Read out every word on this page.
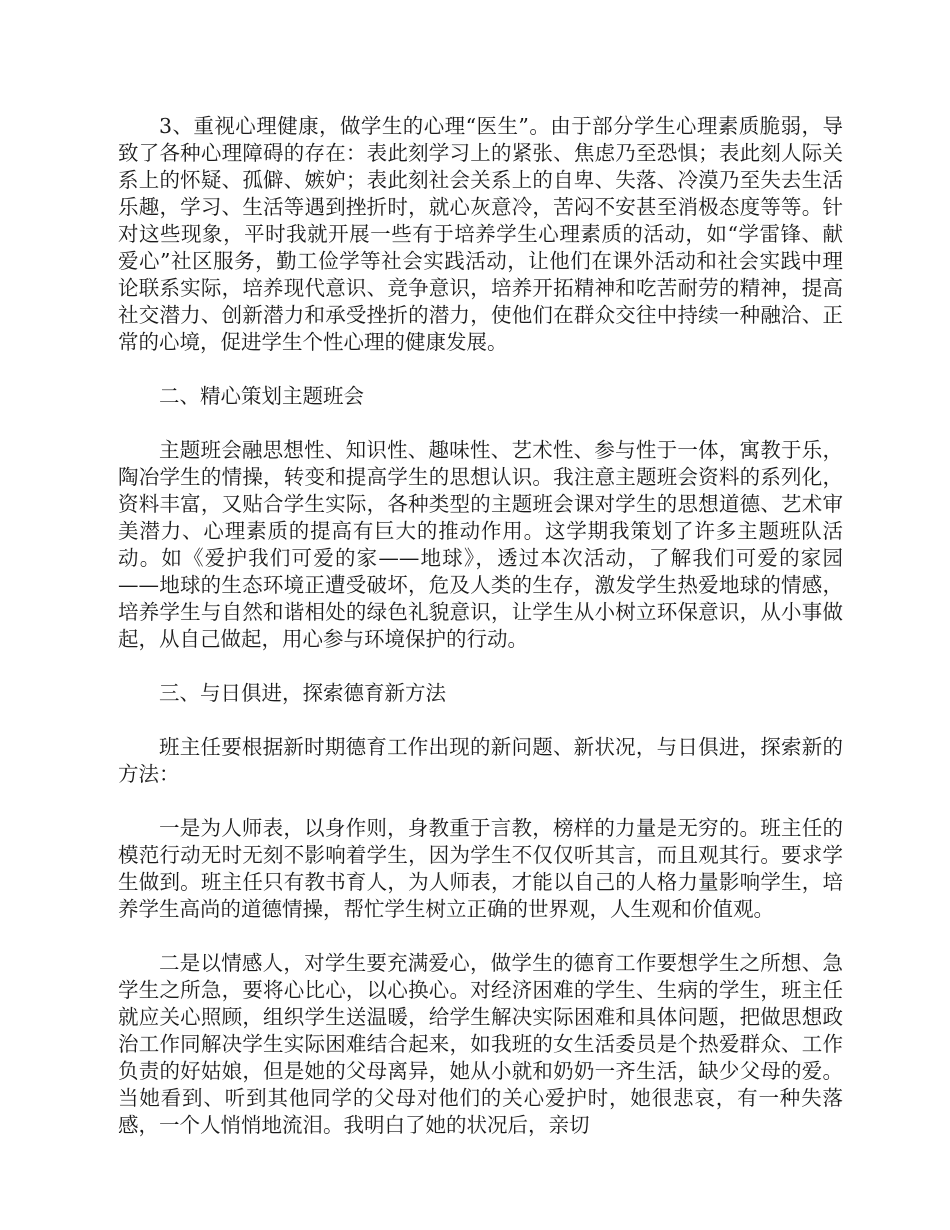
3、重视心理健康，做学生的心理“医生”。由于部分学生心理素质脆弱，导致了各种心理障碍的存在：表此刻学习上的紧张、焦虑乃至恐惧；表此刻人际关系上的怀疑、孤僻、嫉妒；表此刻社会关系上的自卑、失落、冷漠乃至失去生活乐趣，学习、生活等遇到挫折时，就心灰意冷，苦闷不安甚至消极态度等等。针对这些现象，平时我就开展一些有于培养学生心理素质的活动，如“学雷锋、献爱心”社区服务，勤工俭学等社会实践活动，让他们在课外活动和社会实践中理论联系实际，培养现代意识、竞争意识，培养开拓精神和吃苦耐劳的精神，提高社交潜力、创新潜力和承受挫折的潜力，使他们在群众交往中持续一种融洽、正常的心境，促进学生个性心理的健康发展。

二、精心策划主题班会

主题班会融思想性、知识性、趣味性、艺术性、参与性于一体，寓教于乐，陶冶学生的情操，转变和提高学生的思想认识。我注意主题班会资料的系列化，资料丰富，又贴合学生实际，各种类型的主题班会课对学生的思想道德、艺术审美潜力、心理素质的提高有巨大的推动作用。这学期我策划了许多主题班队活动。如《爱护我们可爱的家——地球》，透过本次活动，了解我们可爱的家园——地球的生态环境正遭受破坏，危及人类的生存，激发学生热爱地球的情感，培养学生与自然和谐相处的绿色礼貌意识，让学生从小树立环保意识，从小事做起，从自己做起，用心参与环境保护的行动。

三、与日俱进，探索德育新方法

班主任要根据新时期德育工作出现的新问题、新状况，与日俱进，探索新的方法：

一是为人师表，以身作则，身教重于言教，榜样的力量是无穷的。班主任的模范行动无时无刻不影响着学生，因为学生不仅仅听其言，而且观其行。要求学生做到。班主任只有教书育人，为人师表，才能以自己的人格力量影响学生，培养学生高尚的道德情操，帮忙学生树立正确的世界观，人生观和价值观。

二是以情感人，对学生要充满爱心，做学生的德育工作要想学生之所想、急学生之所急，要将心比心，以心换心。对经济困难的学生、生病的学生，班主任就应关心照顾，组织学生送温暖，给学生解决实际困难和具体问题，把做思想政治工作同解决学生实际困难结合起来，如我班的女生活委员是个热爱群众、工作负责的好姑娘，但是她的父母离异，她从小就和奶奶一齐生活，缺少父母的爱。当她看到、听到其他同学的父母对他们的关心爱护时，她很悲哀，有一种失落感，一个人悄悄地流泪。我明白了她的状况后，亲切
